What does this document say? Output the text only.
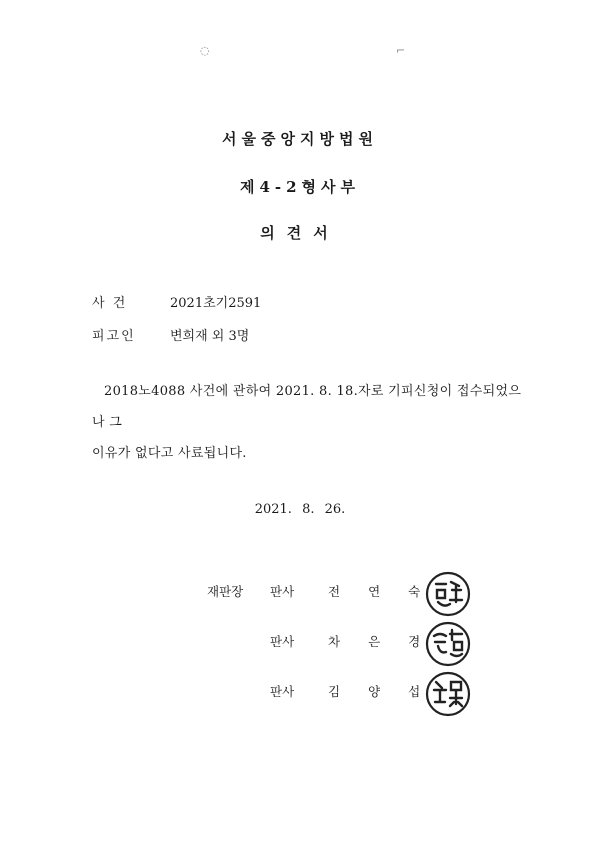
◌	⌐
서울중앙지방법원
제4-2형사부
의견서
사 건	2021초기2591
피고인	변희재 외 3명
2018노4088 사건에 관하여 2021. 8. 18.자로 기피신청이 접수되었으나 그
이유가 없다고 사료됩니다.
2021. 8. 26.
재판장 판사	전연숙
판사	차은경
판사	김양섭
